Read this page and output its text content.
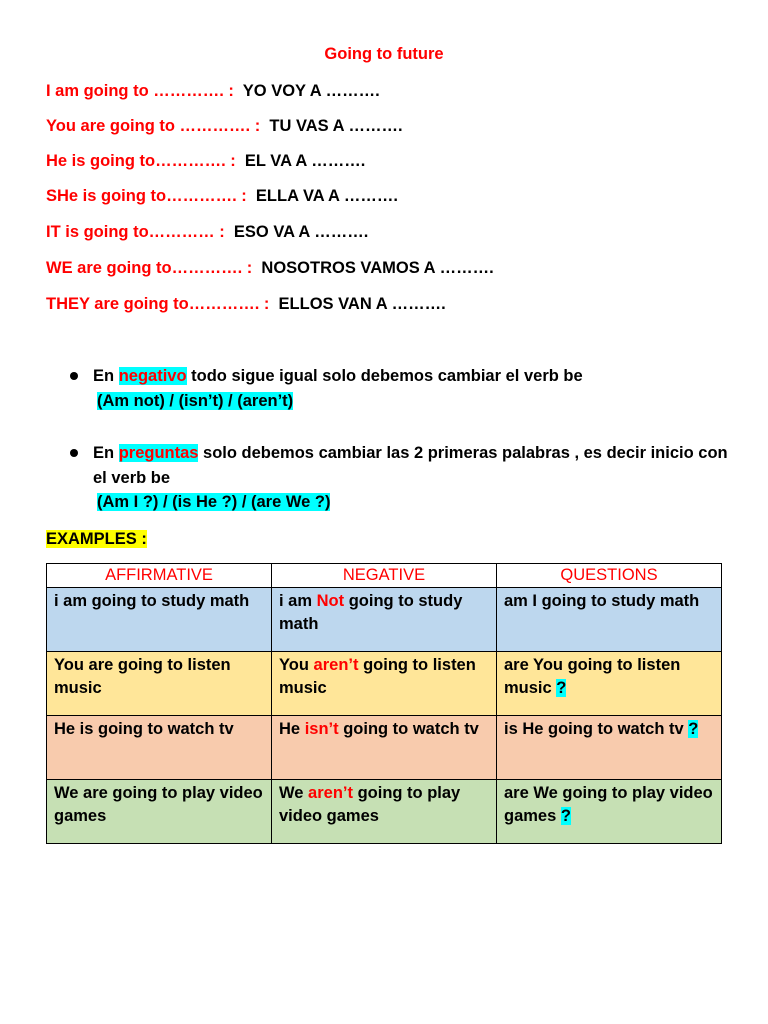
Going to future
I am going to …………. : YO VOY A ……….
You are going to …………. : TU VAS A ……….
He is going to…………. : EL VA A ……….
SHe is going to…………. : ELLA VA A ……….
IT is going to………… : ESO VA A ……….
WE are going to…………. : NOSOTROS VAMOS A ……….
THEY are going to…………. : ELLOS VAN A ……….
En negativo todo sigue igual solo debemos cambiar el verb be
(Am not) / (isn’t) / (aren’t)
En preguntas solo debemos cambiar las 2 primeras palabras , es decir inicio con el verb be
(Am I ?) / (is He ?) / (are We ?)
EXAMPLES :
AFFIRMATIVE	NEGATIVE	QUESTIONS
i am going to study math	i am Not going to study math	am I going to study math
You are going to listen music	You aren’t going to listen music	are You going to listen music ?
He is going to watch tv	He isn’t going to watch tv	is He going to watch tv ?
We are going to play video games	We aren’t going to play video games	are We going to play video games ?
